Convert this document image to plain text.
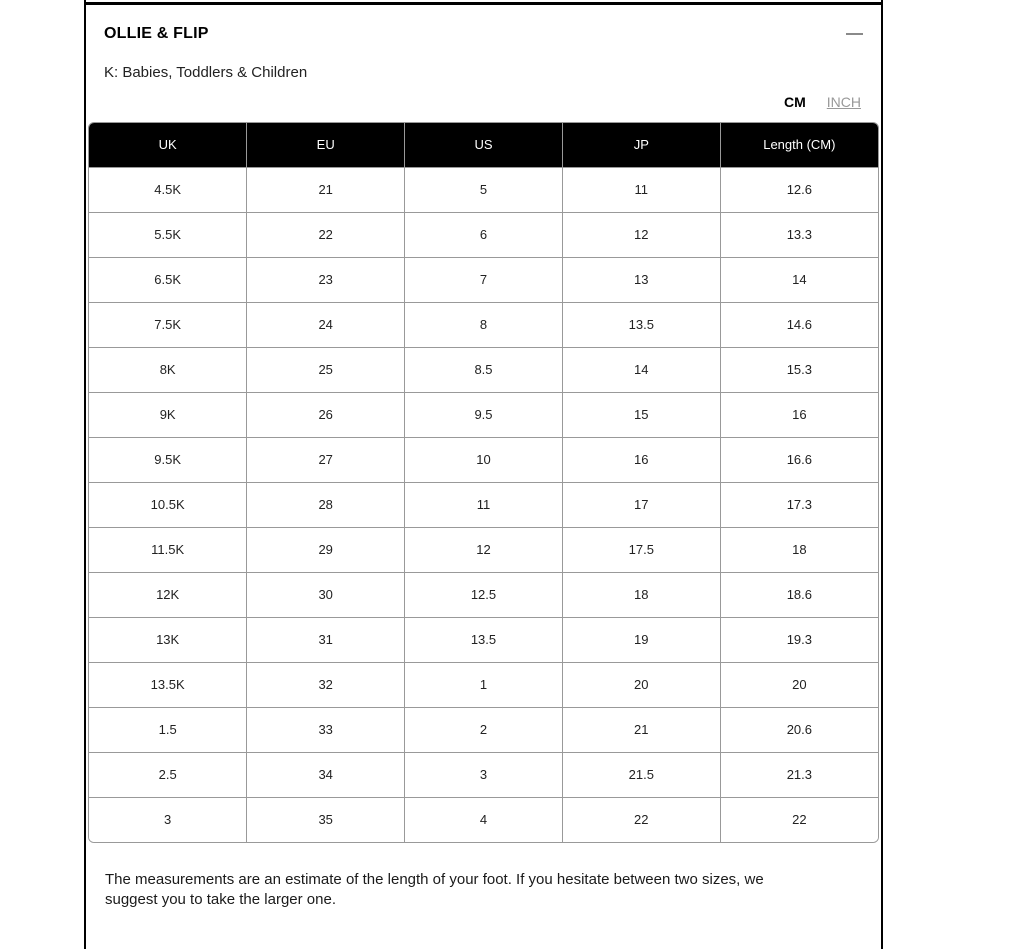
OLLIE & FLIP
K: Babies, Toddlers & Children
CM INCH
UK	EU	US	JP	Length (CM)
4.5K	21	5	11	12.6
5.5K	22	6	12	13.3
6.5K	23	7	13	14
7.5K	24	8	13.5	14.6
8K	25	8.5	14	15.3
9K	26	9.5	15	16
9.5K	27	10	16	16.6
10.5K	28	11	17	17.3
11.5K	29	12	17.5	18
12K	30	12.5	18	18.6
13K	31	13.5	19	19.3
13.5K	32	1	20	20
1.5	33	2	21	20.6
2.5	34	3	21.5	21.3
3	35	4	22	22
The measurements are an estimate of the length of your foot. If you hesitate between two sizes, we suggest you to take the larger one.
